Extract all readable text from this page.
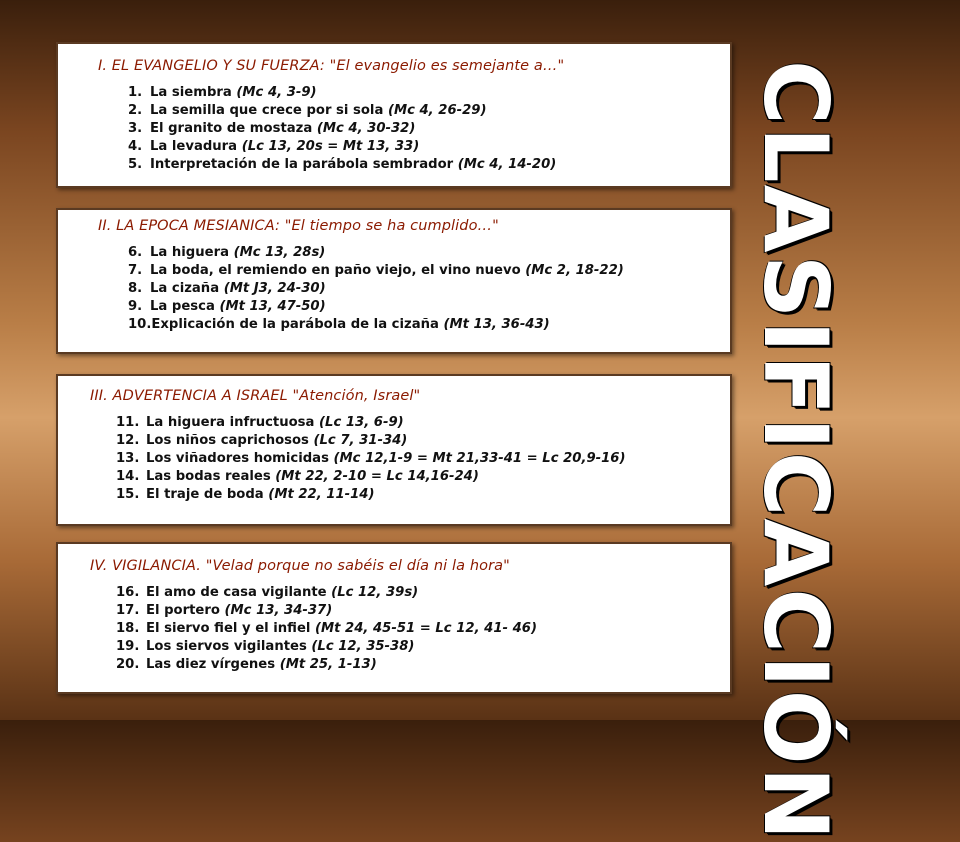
I. EL EVANGELIO Y SU FUERZA: "El evangelio es semejante a…"
1. La siembra (Mc 4, 3-9)
2. La semilla que crece por si sola (Mc 4, 26-29)
3. El granito de mostaza (Mc 4, 30-32)
4. La levadura (Lc 13, 20s = Mt 13, 33)
5. Interpretación de la parábola sembrador (Mc 4, 14-20)
II. LA EPOCA MESIANICA: "El tiempo se ha cumplido…"
6. La higuera (Mc 13, 28s)
7. La boda, el remiendo en paño viejo, el vino nuevo (Mc 2, 18-22)
8. La cizaña (Mt J3, 24-30)
9. La pesca (Mt 13, 47-50)
10.Explicación de la parábola de la cizaña (Mt 13, 36-43)
III. ADVERTENCIA A ISRAEL "Atención, Israel"
11. La higuera infructuosa (Lc 13, 6-9)
12. Los niños caprichosos (Lc 7, 31-34)
13. Los viñadores homicidas (Mc 12,1-9 = Mt 21,33-41 = Lc 20,9-16)
14. Las bodas reales (Mt 22, 2-10 = Lc 14,16-24)
15. El traje de boda (Mt 22, 11-14)
IV. VIGILANCIA. "Velad porque no sabéis el día ni la hora"
16. El amo de casa vigilante (Lc 12, 39s)
17. El portero (Mc 13, 34-37)
18. El siervo fiel y el infiel (Mt 24, 45-51 = Lc 12, 41- 46)
19. Los siervos vigilantes (Lc 12, 35-38)
20. Las diez vírgenes (Mt 25, 1-13)	CLASIFICACIÓN
